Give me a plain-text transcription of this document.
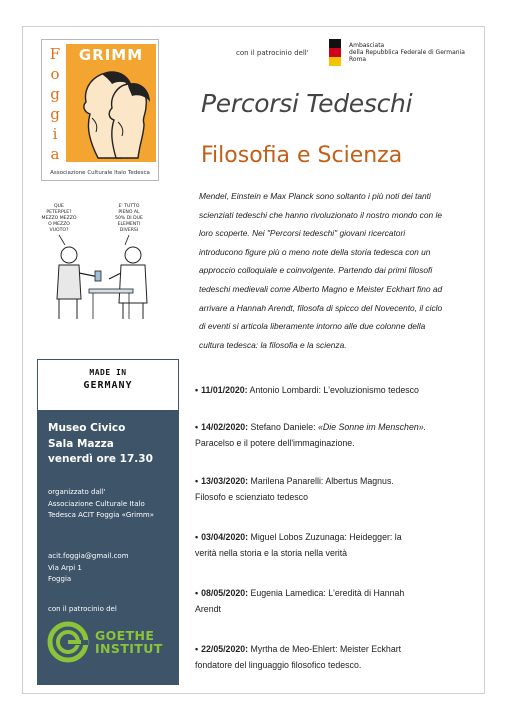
F
o
g
g
i
a
GRIMM
Associazione Culturale Italo Tedesca
con il patrocinio dell'
Ambasciata
della Repubblica Federale di Germania
Roma
Percorsi Tedeschi
Filosofia e Scienza
QUE
PETERPLE?
MEZZO MEZZO
O MEZZO
VUOTO?
E' TUTTO
PIENO AL
50% DI DUE
ELEMENTI
DIVERSI
Mendel, Einstein e Max Planck sono soltanto i più noti dei tanti
scienziati tedeschi che hanno rivoluzionato il nostro mondo con le
loro scoperte. Nei "Percorsi tedeschi" giovani ricercatori
introducono figure più o meno note della storia tedesca con un
approccio colloquiale e coinvolgente. Partendo dai primi filosofi
tedeschi medievali come Alberto Magno e Meister Eckhart fino ad
arrivare a Hannah Arendt, filosofa di spicco del Novecento, il ciclo
di eventi si articola liberamente intorno alle due colonne della
cultura tedesca: la filosofia e la scienza.
MADE IN
GERMANY
Museo Civico
Sala Mazza
venerdì ore 17.30
organizzato dall'
Associazione Culturale Italo
Tedesca ACIT Foggia «Grimm»
acit.foggia@gmail.com
Via Arpi 1
Foggia
con il patrocinio del
GOETHE
INSTITUT
• 11/01/2020: Antonio Lombardi: L'evoluzionismo tedesco
• 14/02/2020: Stefano Daniele: «Die Sonne im Menschen».
Paracelso e il potere dell'immaginazione.
• 13/03/2020: Marilena Panarelli: Albertus Magnus.
Filosofo e scienziato tedesco
• 03/04/2020: Miguel Lobos Zuzunaga: Heidegger: la
verità nella storia e la storia nella verità
• 08/05/2020: Eugenia Lamedica: L'eredità di Hannah
Arendt
• 22/05/2020: Myrtha de Meo-Ehlert: Meister Eckhart
fondatore del linguaggio filosofico tedesco.
